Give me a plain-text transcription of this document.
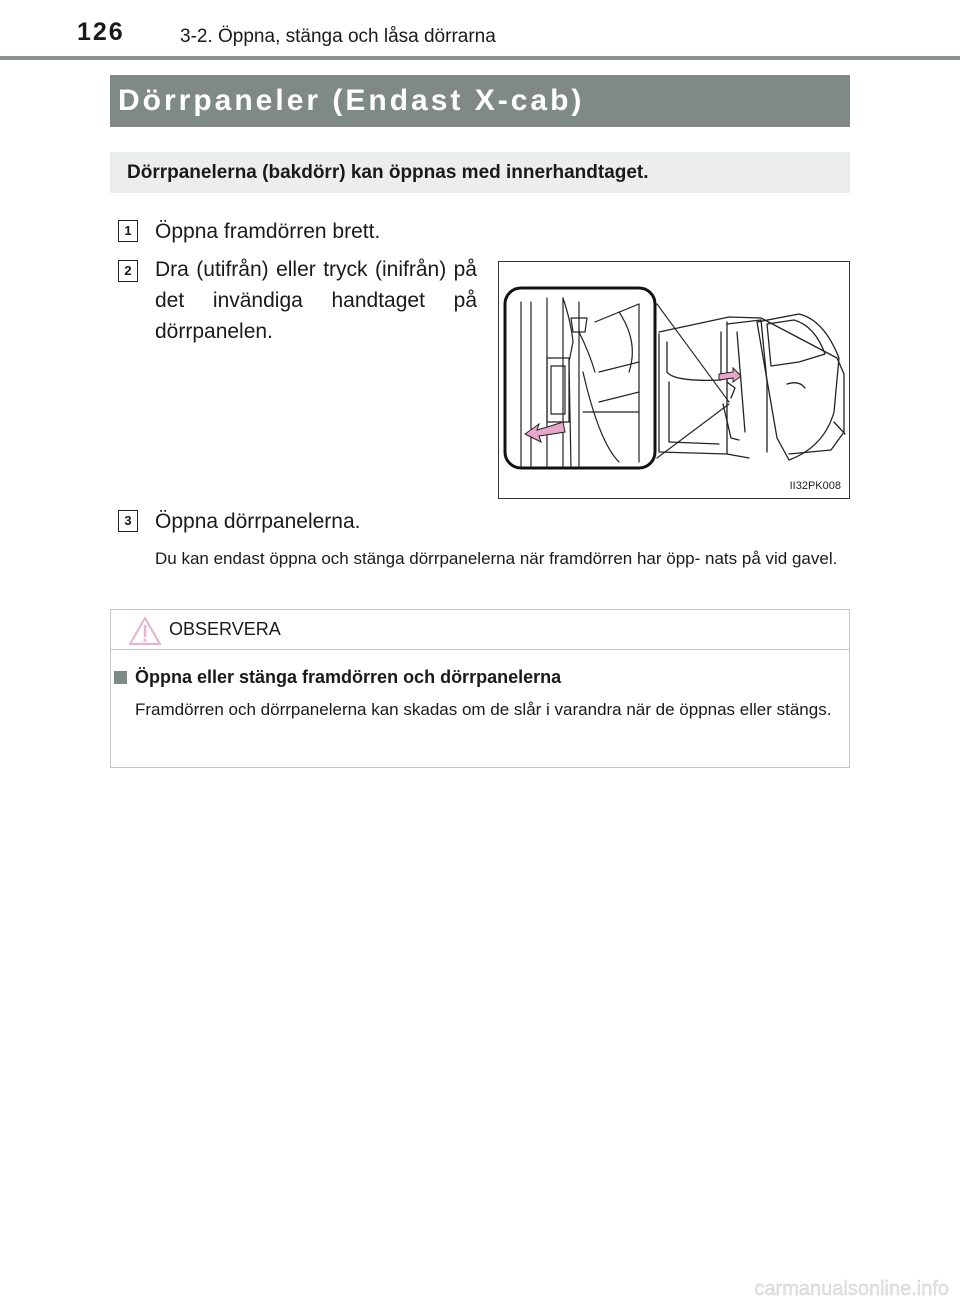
126	3-2. Öppna, stänga och låsa dörrarna
Dörrpaneler (Endast X-cab)
Dörrpanelerna (bakdörr) kan öppnas med innerhandtaget.
1	Öppna framdörren brett.
2	Dra (utifrån) eller tryck (inifrån) på det invändiga handtaget på dörrpanelen.
II32PK008
3	Öppna dörrpanelerna.
Du kan endast öppna och stänga dörrpanelerna när framdörren har öpp- nats på vid gavel.
OBSERVERA
Öppna eller stänga framdörren och dörrpanelerna
Framdörren och dörrpanelerna kan skadas om de slår i varandra när de öppnas eller stängs.
carmanualsonline.info
